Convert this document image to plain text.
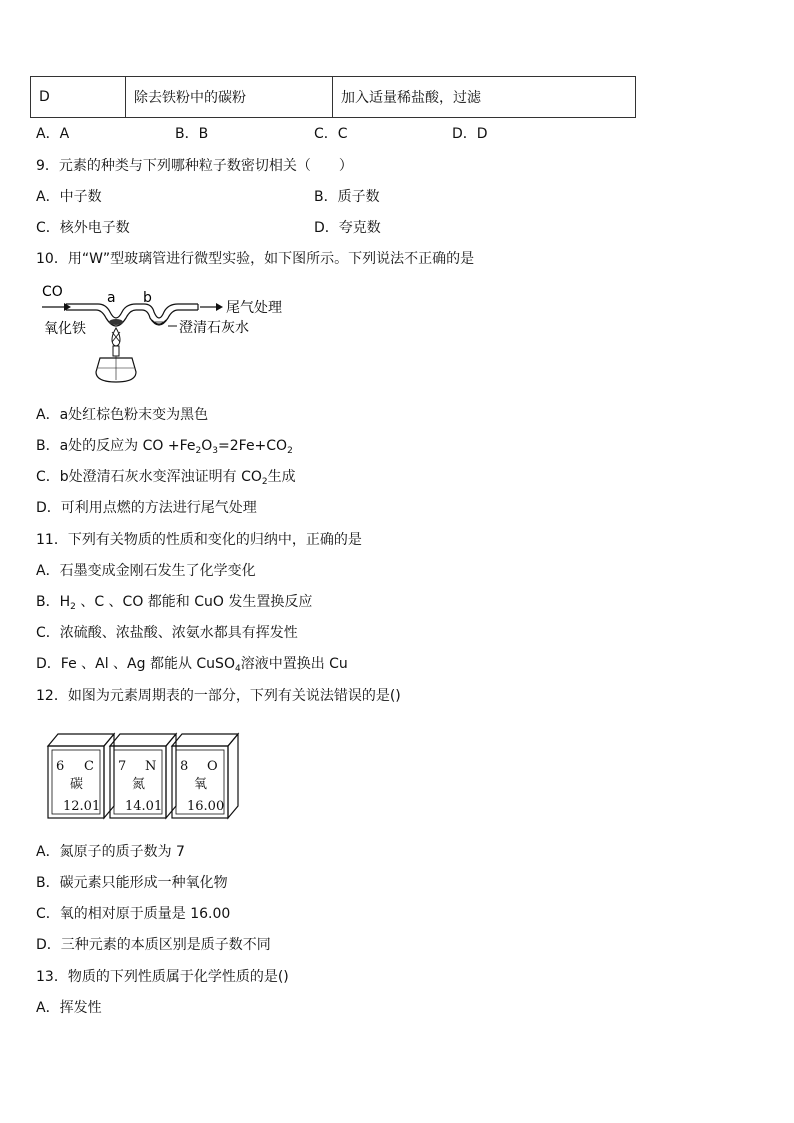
D	除去铁粉中的碳粉	加入适量稀盐酸，过滤
A．A	B．B	C．C	D．D
9．元素的种类与下列哪种粒子数密切相关（　　）
A．中子数	B．质子数
C．核外电子数	D．夸克数
10．用“W”型玻璃管进行微型实验，如下图所示。下列说法不正确的是
CO	a b
尾气处理
氧化铁	澄清石灰水
A．a处红棕色粉末变为黑色
B．a处的反应为 CO $+Fe_2O_3=2Fe+CO_2$
C．b处澄清石灰水变浑浊证明有 $CO_2$生成
D．可利用点燃的方法进行尾气处理
11．下列有关物质的性质和变化的归纳中，正确的是
A．石墨变成金刚石发生了化学变化
B．$H_2$ 、C 、CO 都能和 CuO 发生置换反应
C．浓硫酸、浓盐酸、浓氨水都具有挥发性
D．Fe 、Al 、Ag 都能从 CuSO$_4$溶液中置换出 Cu
12．如图为元素周期表的一部分，下列有关说法错误的是()
6 C
碳
12.01
7 N
氮
14.01
8 O
氧
16.00
A．氮原子的质子数为 7
B．碳元素只能形成一种氧化物
C．氧的相对原于质量是 16.00
D．三种元素的本质区别是质子数不同
13．物质的下列性质属于化学性质的是()
A．挥发性
